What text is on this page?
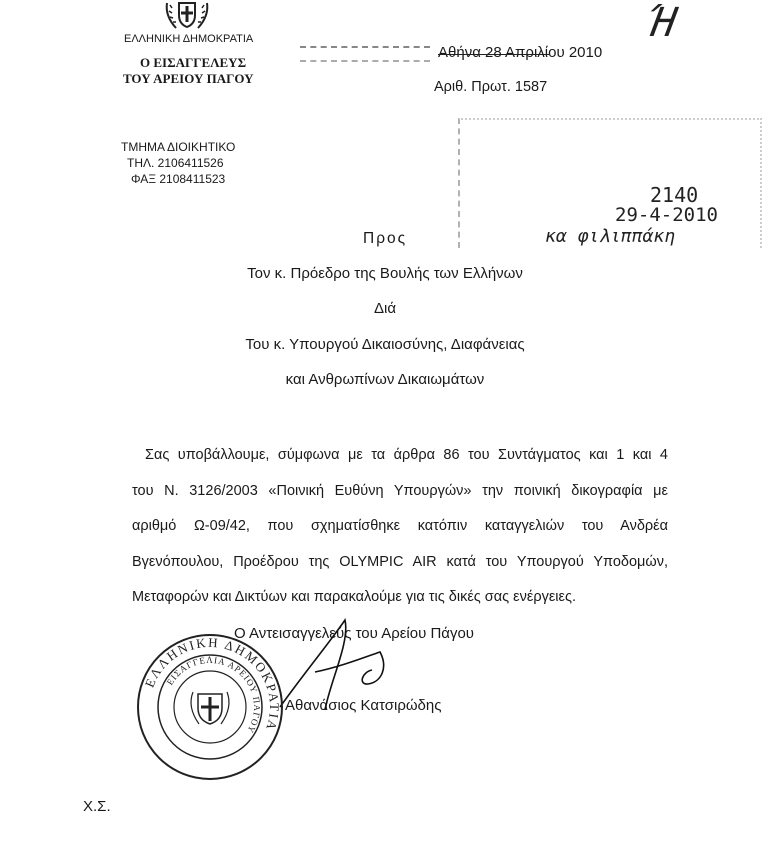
ΕΛΛΗΝΙΚΗ ΔΗΜΟΚΡΑΤΙΑ
Ο ΕΙΣΑΓΓΕΛΕΥΣ
ΤΟΥ ΑΡΕΙΟΥ ΠΑΓΟΥ
Αθήνα 28 Απριλίου 2010
Αριθ. Πρωτ. 1587
Ή
ΤΜΗΜΑ ΔΙΟΙΚΗΤΙΚΟ
ΤΗΛ. 2106411526
ΦΑΞ 2108411523
2140
29-4-2010
κα φιλιππάκη
Προς
Τον κ. Πρόεδρο της Βουλής των Ελλήνων
Διά
Του κ. Υπουργού Δικαιοσύνης, Διαφάνειας
και Ανθρωπίνων Δικαιωμάτων
Σας υποβάλλουμε, σύμφωνα με τα άρθρα 86 του Συντάγματος και 1 και 4
του Ν. 3126/2003 «Ποινική Ευθύνη Υπουργών» την ποινική δικογραφία με
αριθμό Ω-09/42, που σχηματίσθηκε κατόπιν καταγγελιών του Ανδρέα
Βγενόπουλου, Προέδρου της OLYMPIC AIR κατά του Υπουργού Υποδομών,
Μεταφορών και Δικτύων και παρακαλούμε για τις δικές σας ενέργειες.
Ο Αντεισαγγελεύς του Αρείου Πάγου
Αθανάσιος Κατσιρώδης
ΕΛΛΗΝΙΚΗ ΔΗΜΟΚΡΑΤΙΑ
ΕΙΣΑΓΓΕΛΙΑ ΑΡΕΙΟΥ ΠΑΓΟΥ
Χ.Σ.
